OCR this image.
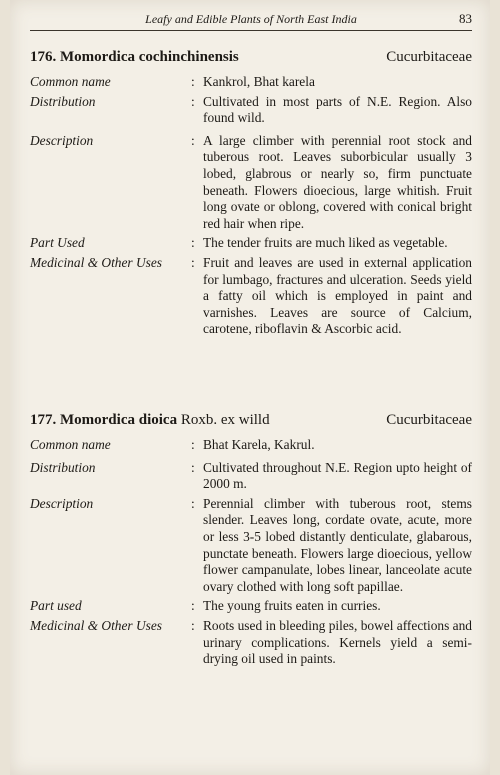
Leafy and Edible Plants of North East India	83
176. Momordica cochinchinensis	Cucurbitaceae
Common name	: Kankrol, Bhat karela
Distribution	: Cultivated in most parts of N.E. Region. Also found wild.
Description	: A large climber with perennial root stock and tuberous root. Leaves suborbicular usually 3 lobed, glabrous or nearly so, firm punctuate beneath. Flowers dioecious, large whitish. Fruit long ovate or oblong, covered with conical bright red hair when ripe.
Part Used	: The tender fruits are much liked as vegetable.
Medicinal & Other Uses	: Fruit and leaves are used in external application for lumbago, fractures and ulceration. Seeds yield a fatty oil which is employed in paint and varnishes. Leaves are source of Calcium, carotene, riboflavin & Ascorbic acid.
177. Momordica dioica Roxb. ex willd	Cucurbitaceae
Common name	: Bhat Karela, Kakrul.
Distribution	: Cultivated throughout N.E. Region upto height of 2000 m.
Description	: Perennial climber with tuberous root, stems slender. Leaves long, cordate ovate, acute, more or less 3-5 lobed distantly denticulate, glabarous, punctate beneath. Flowers large dioecious, yellow flower campanulate, lobes linear, lanceolate acute ovary clothed with long soft papillae.
Part used	: The young fruits eaten in curries.
Medicinal & Other Uses	: Roots used in bleeding piles, bowel affections and urinary complications. Kernels yield a semi-drying oil used in paints.
